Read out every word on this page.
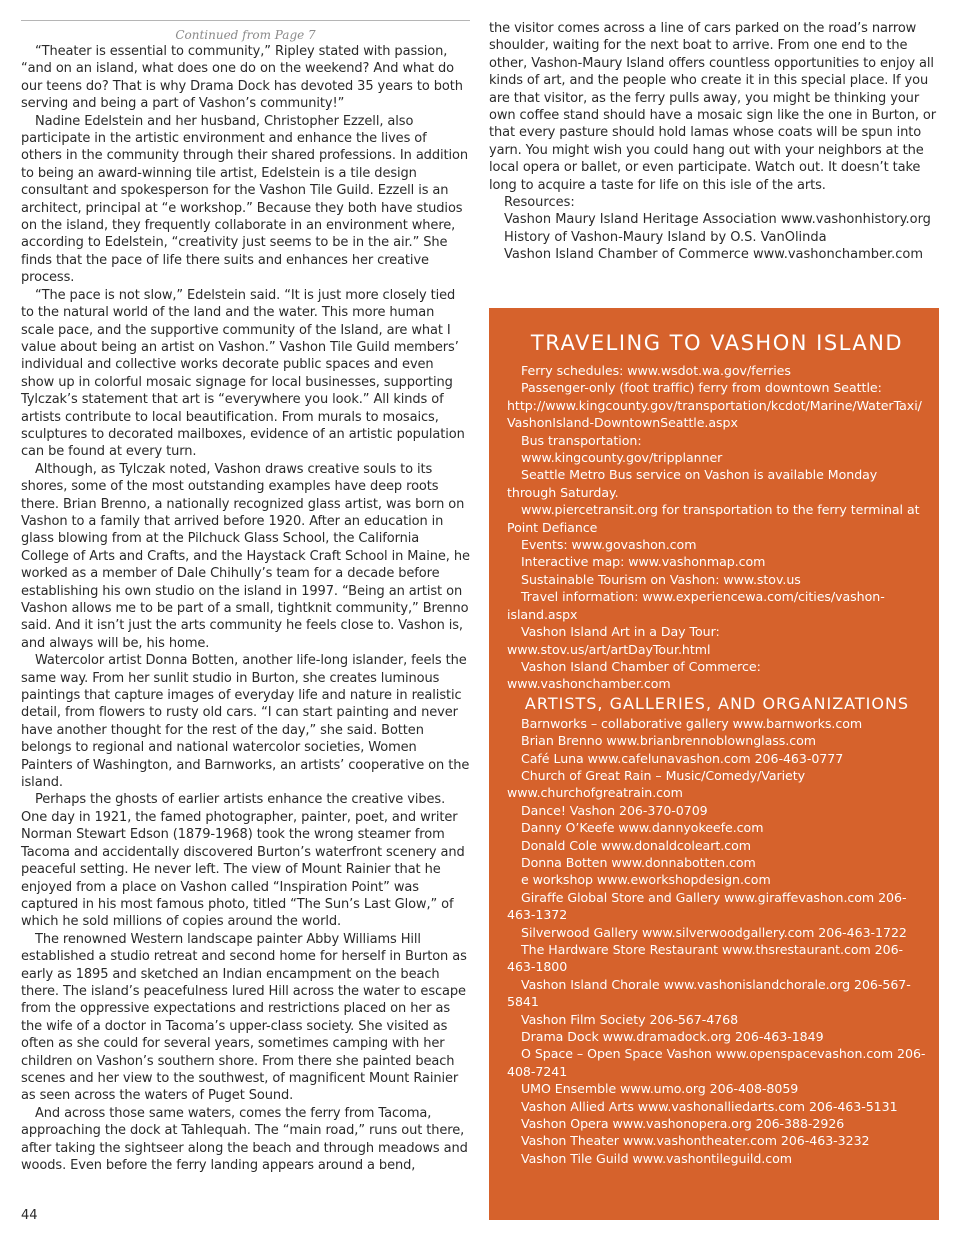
Continued from Page 7

“Theater is essential to community,” Ripley stated with passion, “and on an island, what does one do on the weekend? And what do our teens do? That is why Drama Dock has devoted 35 years to both serving and being a part of Vashon’s community!”

Nadine Edelstein and her husband, Christopher Ezzell, also participate in the artistic environment and enhance the lives of others in the community through their shared professions. In addition to being an award-winning tile artist, Edelstein is a tile design consultant and spokesperson for the Vashon Tile Guild. Ezzell is an architect, principal at “e workshop.” Because they both have studios on the island, they frequently collaborate in an environment where, according to Edelstein, “creativity just seems to be in the air.” She finds that the pace of life there suits and enhances her creative process.

“The pace is not slow,” Edelstein said. “It is just more closely tied to the natural world of the land and the water. This more human scale pace, and the supportive community of the Island, are what I value about being an artist on Vashon.” Vashon Tile Guild members’ individual and collective works decorate public spaces and even show up in colorful mosaic signage for local businesses, supporting Tylczak’s statement that art is “everywhere you look.” All kinds of artists contribute to local beautification. From murals to mosaics, sculptures to decorated mailboxes, evidence of an artistic population can be found at every turn.

Although, as Tylczak noted, Vashon draws creative souls to its shores, some of the most outstanding examples have deep roots there. Brian Brenno, a nationally recognized glass artist, was born on Vashon to a family that arrived before 1920. After an education in glass blowing from at the Pilchuck Glass School, the California College of Arts and Crafts, and the Haystack Craft School in Maine, he worked as a member of Dale Chihully’s team for a decade before establishing his own studio on the island in 1997. “Being an artist on Vashon allows me to be part of a small, tightknit community,” Brenno said. And it isn’t just the arts community he feels close to. Vashon is, and always will be, his home.

Watercolor artist Donna Botten, another life-long islander, feels the same way. From her sunlit studio in Burton, she creates luminous paintings that capture images of everyday life and nature in realistic detail, from flowers to rusty old cars. “I can start painting and never have another thought for the rest of the day,” she said. Botten belongs to regional and national watercolor societies, Women Painters of Washington, and Barnworks, an artists’ cooperative on the island.

Perhaps the ghosts of earlier artists enhance the creative vibes. One day in 1921, the famed photographer, painter, poet, and writer Norman Stewart Edson (1879-1968) took the wrong steamer from Tacoma and accidentally discovered Burton’s waterfront scenery and peaceful setting. He never left. The view of Mount Rainier that he enjoyed from a place on Vashon called “Inspiration Point” was captured in his most famous photo, titled “The Sun’s Last Glow,” of which he sold millions of copies around the world.

The renowned Western landscape painter Abby Williams Hill established a studio retreat and second home for herself in Burton as early as 1895 and sketched an Indian encampment on the beach there. The island’s peacefulness lured Hill across the water to escape from the oppressive expectations and restrictions placed on her as the wife of a doctor in Tacoma’s upper-class society. She visited as often as she could for several years, sometimes camping with her children on Vashon’s southern shore. From there she painted beach scenes and her view to the southwest, of magnificent Mount Rainier as seen across the waters of Puget Sound.

And across those same waters, comes the ferry from Tacoma, approaching the dock at Tahlequah. The “main road,” runs out there, after taking the sightseer along the beach and through meadows and woods. Even before the ferry landing appears around a bend,

the visitor comes across a line of cars parked on the road’s narrow shoulder, waiting for the next boat to arrive. From one end to the other, Vashon-Maury Island offers countless opportunities to enjoy all kinds of art, and the people who create it in this special place. If you are that visitor, as the ferry pulls away, you might be thinking your own coffee stand should have a mosaic sign like the one in Burton, or that every pasture should hold lamas whose coats will be spun into yarn. You might wish you could hang out with your neighbors at the local opera or ballet, or even participate. Watch out. It doesn’t take long to acquire a taste for life on this isle of the arts.

Resources:

Vashon Maury Island Heritage Association www.vashonhistory.org

History of Vashon-Maury Island by O.S. VanOlinda

Vashon Island Chamber of Commerce www.vashonchamber.com

TRAVELING TO VASHON ISLAND

Ferry schedules: www.wsdot.wa.gov/ferries

Passenger-only (foot traffic) ferry from downtown Seattle: http://www.kingcounty.gov/transportation/kcdot/Marine/WaterTaxi/VashonIsland-DowntownSeattle.aspx

Bus transportation:

www.kingcounty.gov/tripplanner

Seattle Metro Bus service on Vashon is available Monday through Saturday.

www.piercetransit.org for transportation to the ferry terminal at Point Defiance

Events: www.govashon.com

Interactive map: www.vashonmap.com

Sustainable Tourism on Vashon: www.stov.us

Travel information: www.experiencewa.com/cities/vashon-island.aspx

Vashon Island Art in a Day Tour: www.stov.us/art/artDayTour.html

Vashon Island Chamber of Commerce: www.vashonchamber.com

ARTISTS, GALLERIES, AND ORGANIZATIONS

Barnworks – collaborative gallery www.barnworks.com

Brian Brenno www.brianbrennoblownglass.com

Café Luna www.cafelunavashon.com 206-463-0777

Church of Great Rain – Music/Comedy/Variety www.churchofgreatrain.com

Dance! Vashon 206-370-0709

Danny O’Keefe www.dannyokeefe.com

Donald Cole www.donaldcoleart.com

Donna Botten www.donnabotten.com

e workshop www.eworkshopdesign.com

Giraffe Global Store and Gallery www.giraffevashon.com 206-463-1372

Silverwood Gallery www.silverwoodgallery.com 206-463-1722

The Hardware Store Restaurant www.thsrestaurant.com 206-463-1800

Vashon Island Chorale www.vashonislandchorale.org 206-567-5841

Vashon Film Society 206-567-4768

Drama Dock www.dramadock.org 206-463-1849

O Space – Open Space Vashon www.openspacevashon.com 206-408-7241

UMO Ensemble www.umo.org 206-408-8059

Vashon Allied Arts www.vashonalliedarts.com 206-463-5131

Vashon Opera www.vashonopera.org 206-388-2926

Vashon Theater www.vashontheater.com 206-463-3232

Vashon Tile Guild www.vashontileguild.com

44
